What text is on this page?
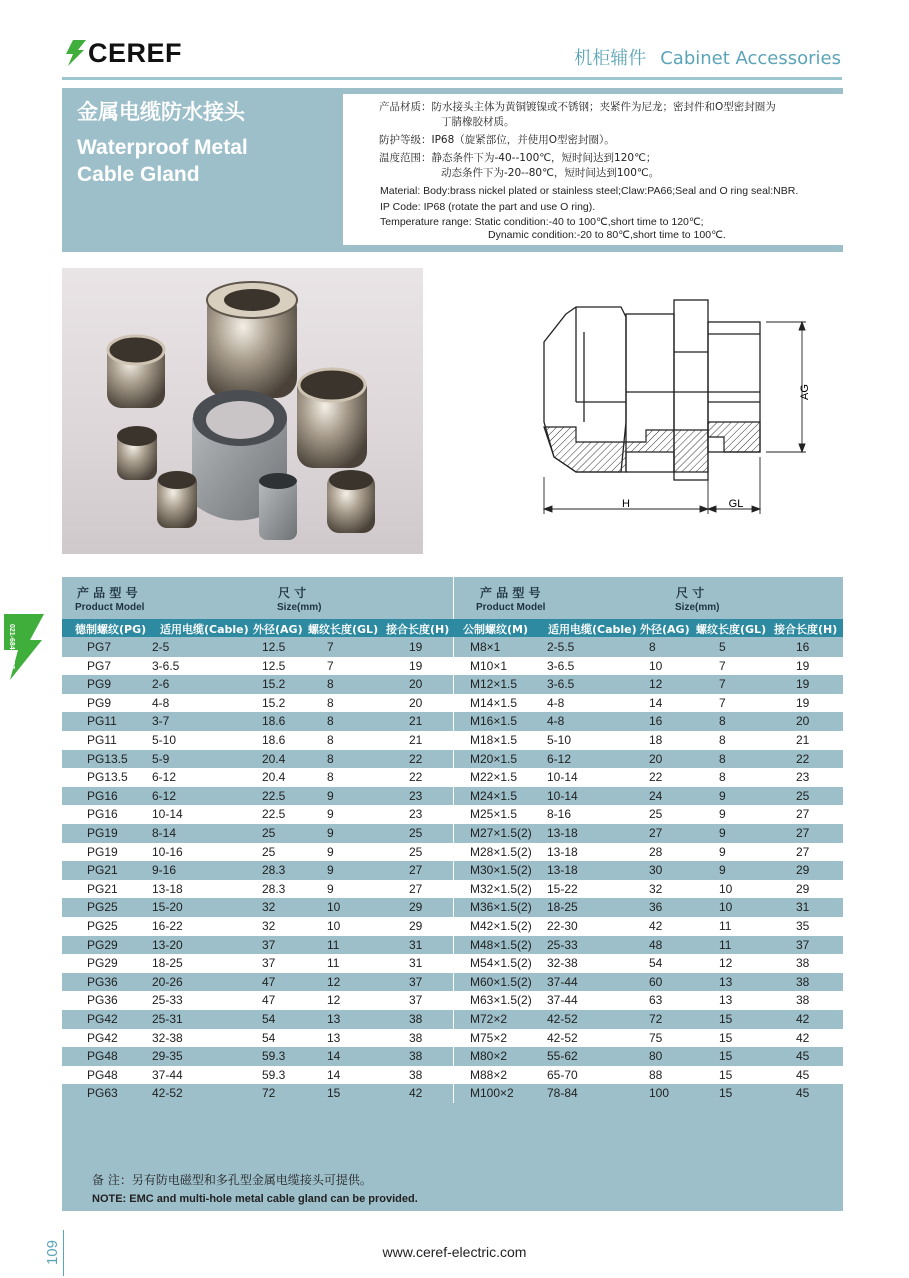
CEREF	机柜辅件 Cabinet Accessories
金属电缆防水接头
Waterproof Metal
Cable Gland
产品材质：防水接头主体为黄铜镀镍或不锈钢；夹紧件为尼龙；密封件和O型密封圈为
丁腈橡胶材质。
防护等级：IP68（旋紧部位，并使用O型密封圈）。
温度范围：静态条件下为-40--100℃，短时间达到120℃；
动态条件下为-20--80℃，短时间达到100℃。
Material: Body:brass nickel plated or stainless steel;Claw:PA66;Seal and O ring seal:NBR.
IP Code: IP68 (rotate the part and use O ring).
Temperature range: Static condition:-40 to 100℃,short time to 120℃;
Dynamic condition:-20 to 80℃,short time to 100℃.
AG
H	GL
021-68403223
产 品 型 号
Product Model
尺 寸
Size(mm)
产 品 型 号
Product Model
尺 寸
Size(mm)
德制螺纹(PG) 适用电缆(Cable) 外径(AG) 螺纹长度(GL) 接合长度(H) 公制螺纹(M) 适用电缆(Cable) 外径(AG) 螺纹长度(GL) 接合长度(H)
PG7	2-5	12.5	7	19	M8×1	2-5.5	8	5	16
PG7	3-6.5	12.5	7	19	M10×1	3-6.5	10	7	19
PG9	2-6	15.2	8	20	M12×1.5 3-6.5	12	7	19
PG9	4-8	15.2	8	20	M14×1.5 4-8	14	7	19
PG11	3-7	18.6	8	21	M16×1.5 4-8	16	8	20
PG11	5-10	18.6	8	21	M18×1.5 5-10	18	8	21
PG13.5 5-9	20.4	8	22	M20×1.5 6-12	20	8	22
PG13.5 6-12	20.4	8	22	M22×1.5 10-14	22	8	23
PG16	6-12	22.5	9	23	M24×1.5 10-14	24	9	25
PG16	10-14	22.5	9	23	M25×1.5 8-16	25	9	27
PG19	8-14	25	9	25	M27×1.5(2) 13-18	27	9	27
PG19	10-16	25	9	25	M28×1.5(2) 13-18	28	9	27
PG21	9-16	28.3	9	27	M30×1.5(2) 13-18	30	9	29
PG21	13-18	28.3	9	27	M32×1.5(2) 15-22	32	10	29
PG25	15-20	32	10	29	M36×1.5(2) 18-25	36	10	31
PG25	16-22	32	10	29	M42×1.5(2) 22-30	42	11	35
PG29	13-20	37	11	31	M48×1.5(2) 25-33	48	11	37
PG29	18-25	37	11	31	M54×1.5(2) 32-38	54	12	38
PG36	20-26	47	12	37	M60×1.5(2) 37-44	60	13	38
PG36	25-33	47	12	37	M63×1.5(2) 37-44	63	13	38
PG42	25-31	54	13	38	M72×2	42-52	72	15	42
PG42	32-38	54	13	38	M75×2	42-52	75	15	42
PG48	29-35	59.3	14	38	M80×2	55-62	80	15	45
PG48	37-44	59.3	14	38	M88×2	65-70	88	15	45
PG63	42-52	72	15	42	M100×2	78-84	100	15	45
备 注：另有防电磁型和多孔型金属电缆接头可提供。
NOTE: EMC and multi-hole metal cable gland can be provided.
109	www.ceref-electric.com
